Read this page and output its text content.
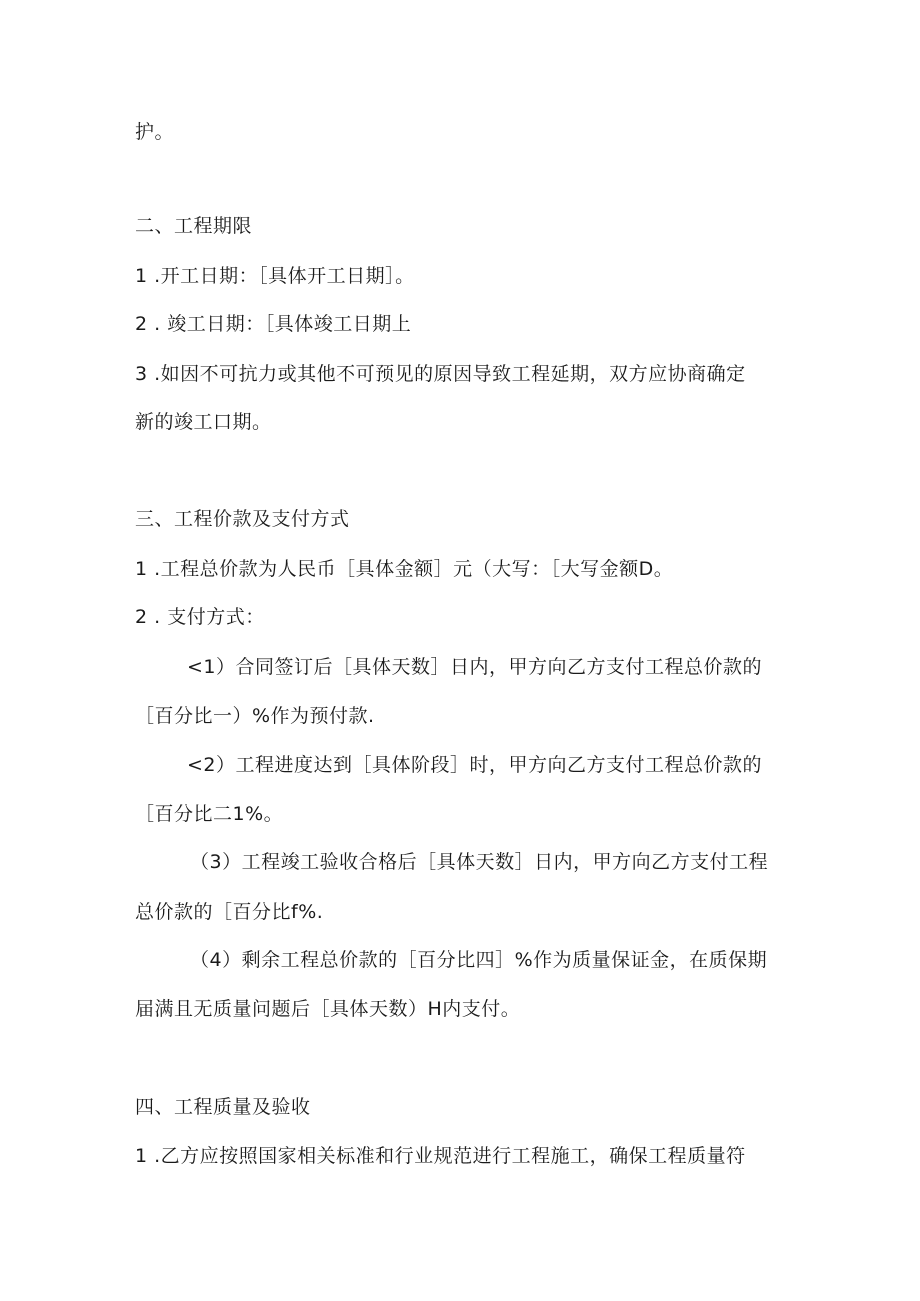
护。
二、工程期限
1 .开工日期：［具体开工日期］。
2 . 竣工日期：［具体竣工日期上
3 .如因不可抗力或其他不可预见的原因导致工程延期，双方应协商确定
新的竣工口期。
三、工程价款及支付方式
1 .工程总价款为人民币［具体金额］元（大写：［大写金额D。
2 . 支付方式：
<1）合同签订后［具体天数］日内，甲方向乙方支付工程总价款的
［百分比一）%作为预付款.
<2）工程进度达到［具体阶段］时，甲方向乙方支付工程总价款的
［百分比二1%。
（3）工程竣工验收合格后［具体天数］日内，甲方向乙方支付工程
总价款的［百分比f%.
（4）剩余工程总价款的［百分比四］%作为质量保证金，在质保期
届满且无质量问题后［具体天数）H内支付。
四、工程质量及验收
1 .乙方应按照国家相关标准和行业规范进行工程施工，确保工程质量符
